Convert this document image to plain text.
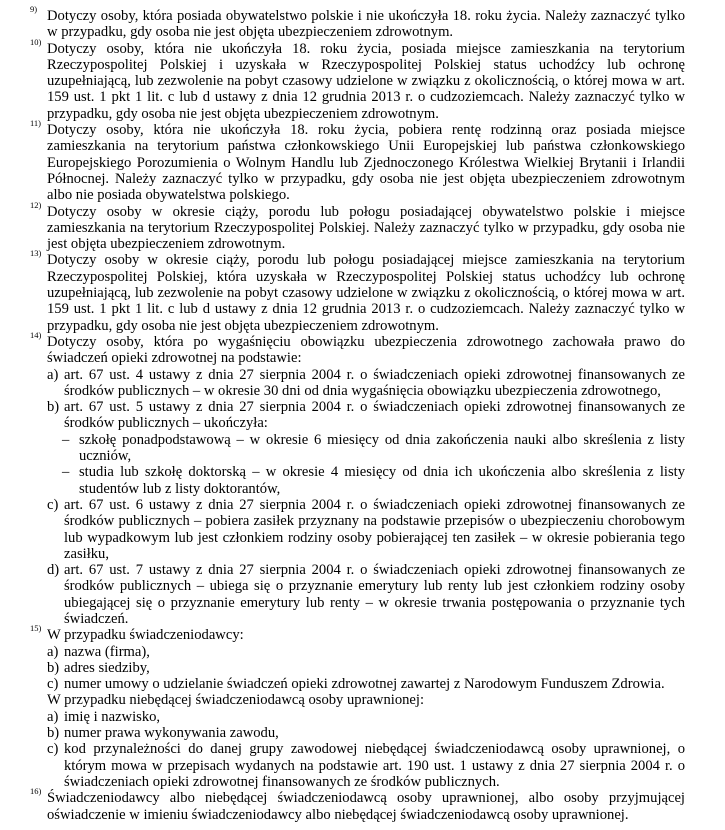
9) Dotyczy osoby, która posiada obywatelstwo polskie i nie ukończyła 18. roku życia. Należy zaznaczyć tylko w przypadku, gdy osoba nie jest objęta ubezpieczeniem zdrowotnym.

10) Dotyczy osoby, która nie ukończyła 18. roku życia, posiada miejsce zamieszkania na terytorium Rzeczypospolitej Polskiej i uzyskała w Rzeczypospolitej Polskiej status uchodźcy lub ochronę uzupełniającą, lub zezwolenie na pobyt czasowy udzielone w związku z okolicznością, o której mowa w art. 159 ust. 1 pkt 1 lit. c lub d ustawy z dnia 12 grudnia 2013 r. o cudzoziemcach. Należy zaznaczyć tylko w przypadku, gdy osoba nie jest objęta ubezpieczeniem zdrowotnym.

11) Dotyczy osoby, która nie ukończyła 18. roku życia, pobiera rentę rodzinną oraz posiada miejsce zamieszkania na terytorium państwa członkowskiego Unii Europejskiej lub państwa członkowskiego Europejskiego Porozumienia o Wolnym Handlu lub Zjednoczonego Królestwa Wielkiej Brytanii i Irlandii Północnej. Należy zaznaczyć tylko w przypadku, gdy osoba nie jest objęta ubezpieczeniem zdrowotnym albo nie posiada obywatelstwa polskiego.

12) Dotyczy osoby w okresie ciąży, porodu lub połogu posiadającej obywatelstwo polskie i miejsce zamieszkania na terytorium Rzeczypospolitej Polskiej. Należy zaznaczyć tylko w przypadku, gdy osoba nie jest objęta ubezpieczeniem zdrowotnym.

13) Dotyczy osoby w okresie ciąży, porodu lub połogu posiadającej miejsce zamieszkania na terytorium Rzeczypospolitej Polskiej, która uzyskała w Rzeczypospolitej Polskiej status uchodźcy lub ochronę uzupełniającą, lub zezwolenie na pobyt czasowy udzielone w związku z okolicznością, o której mowa w art. 159 ust. 1 pkt 1 lit. c lub d ustawy z dnia 12 grudnia 2013 r. o cudzoziemcach. Należy zaznaczyć tylko w przypadku, gdy osoba nie jest objęta ubezpieczeniem zdrowotnym.

14) Dotyczy osoby, która po wygaśnięciu obowiązku ubezpieczenia zdrowotnego zachowała prawo do świadczeń opieki zdrowotnej na podstawie:

a) art. 67 ust. 4 ustawy z dnia 27 sierpnia 2004 r. o świadczeniach opieki zdrowotnej finansowanych ze środków publicznych – w okresie 30 dni od dnia wygaśnięcia obowiązku ubezpieczenia zdrowotnego,
b) art. 67 ust. 5 ustawy z dnia 27 sierpnia 2004 r. o świadczeniach opieki zdrowotnej finansowanych ze środków publicznych – ukończyła:
– szkołę ponadpodstawową – w okresie 6 miesięcy od dnia zakończenia nauki albo skreślenia z listy uczniów,
– studia lub szkołę doktorską – w okresie 4 miesięcy od dnia ich ukończenia albo skreślenia z listy studentów lub z listy doktorantów,
c) art. 67 ust. 6 ustawy z dnia 27 sierpnia 2004 r. o świadczeniach opieki zdrowotnej finansowanych ze środków publicznych – pobiera zasiłek przyznany na podstawie przepisów o ubezpieczeniu chorobowym lub wypadkowym lub jest członkiem rodziny osoby pobierającej ten zasiłek – w okresie pobierania tego zasiłku,
d) art. 67 ust. 7 ustawy z dnia 27 sierpnia 2004 r. o świadczeniach opieki zdrowotnej finansowanych ze środków publicznych – ubiega się o przyznanie emerytury lub renty lub jest członkiem rodziny osoby ubiegającej się o przyznanie emerytury lub renty – w okresie trwania postępowania o przyznanie tych świadczeń.
15) W przypadku świadczeniodawcy:

a) nazwa (firma),
b) adres siedziby,
c) numer umowy o udzielanie świadczeń opieki zdrowotnej zawartej z Narodowym Funduszem Zdrowia.

W przypadku niebędącej świadczeniodawcą osoby uprawnionej:

a) imię i nazwisko,
b) numer prawa wykonywania zawodu,
c) kod przynależności do danej grupy zawodowej niebędącej świadczeniodawcą osoby uprawnionej, o którym mowa w przepisach wydanych na podstawie art. 190 ust. 1 ustawy z dnia 27 sierpnia 2004 r. o świadczeniach opieki zdrowotnej finansowanych ze środków publicznych.
16) Świadczeniodawcy albo niebędącej świadczeniodawcą osoby uprawnionej, albo osoby przyjmującej oświadczenie w imieniu świadczeniodawcy albo niebędącej świadczeniodawcą osoby uprawnionej.
